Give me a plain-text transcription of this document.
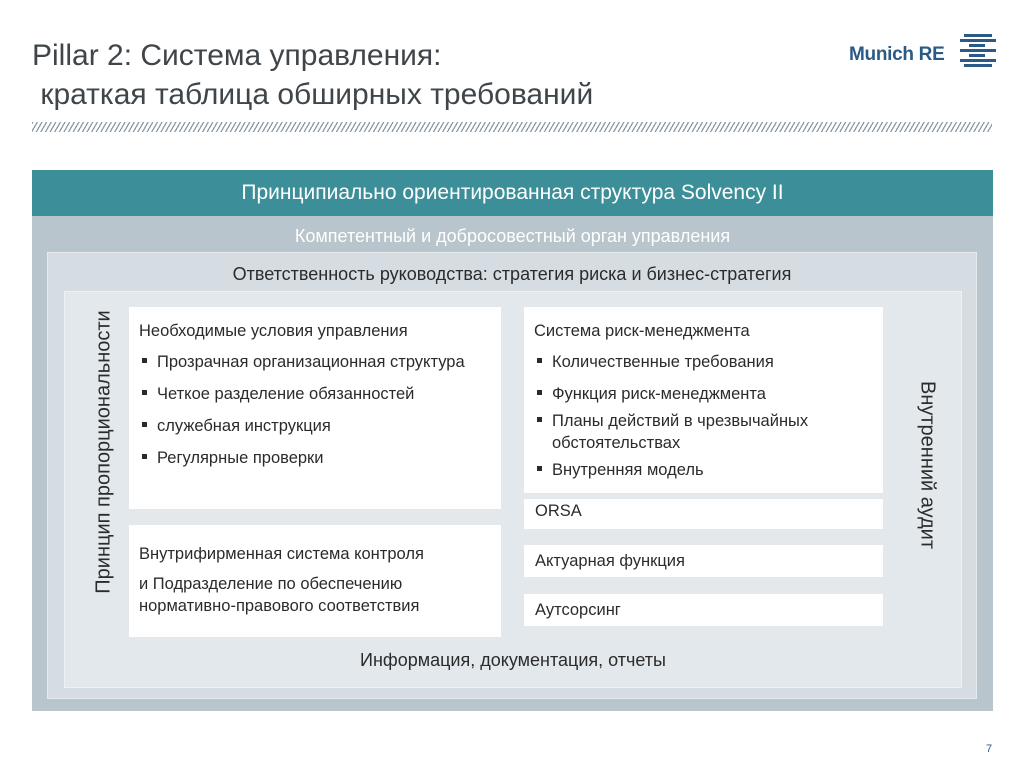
Pillar 2: Система управления:
краткая таблица обширных требований
Munich RE
Принципиально ориентированная структура Solvency II
Компетентный и добросовестный орган управления
Ответственность руководства: стратегия риска и бизнес-стратегия
Принцип пропорциональности	Внутренний аудит
Необходимые условия управления
Прозрачная организационная структура
Четкое разделение обязанностей
служебная инструкция
Регулярные проверки
Система риск-менеджмента
Количественные требования
Функция риск-менеджмента
Планы действий в чрезвычайных обстоятельствах
Внутренняя модель

Внутрифирменная система контроля

и Подразделение по обеспечению нормативно-правового соответствия

ORSA
Актуарная функция
Аутсорсинг
Информация, документация, отчеты
7
